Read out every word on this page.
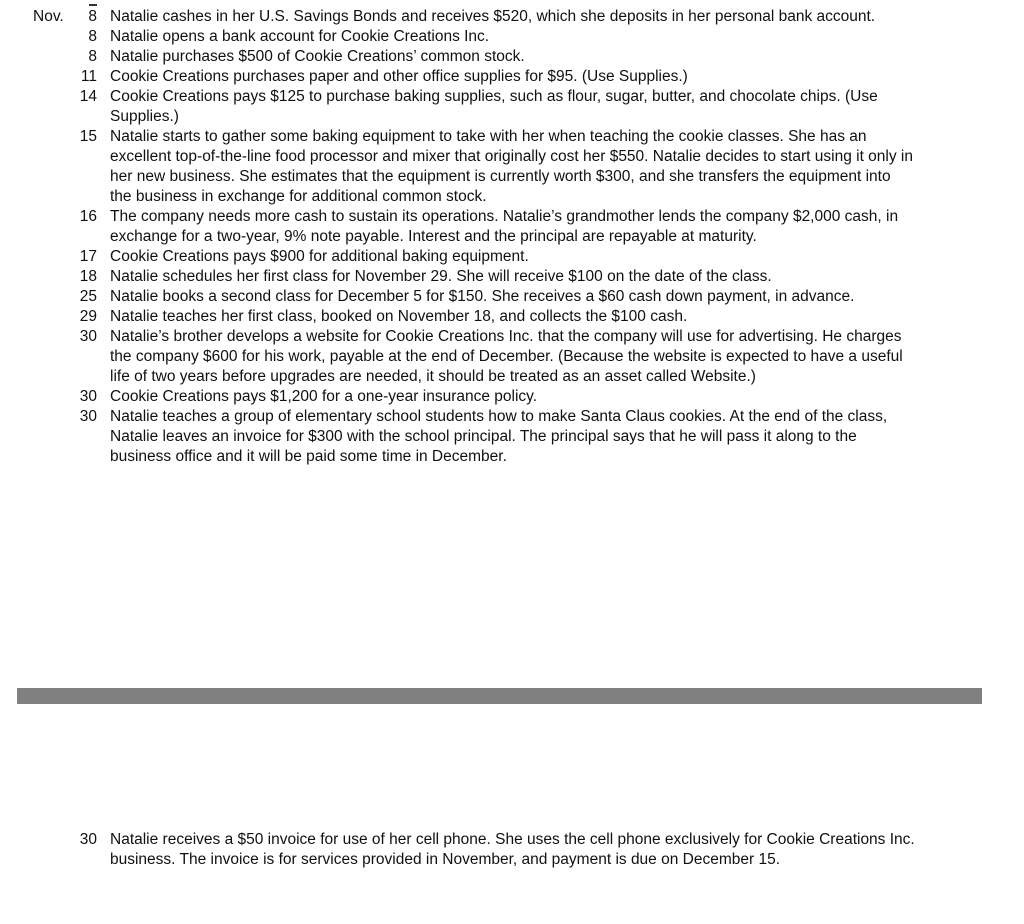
Nov.	8 Natalie cashes in her U.S. Savings Bonds and receives $520, which she deposits in her personal bank account.
8 Natalie opens a bank account for Cookie Creations Inc.
8 Natalie purchases $500 of Cookie Creations’ common stock.
11 Cookie Creations purchases paper and other office supplies for $95. (Use Supplies.)
14 Cookie Creations pays $125 to purchase baking supplies, such as flour, sugar, butter, and chocolate chips. (Use Supplies.)
15 Natalie starts to gather some baking equipment to take with her when teaching the cookie classes. She has an excellent top-of-the-line food processor and mixer that originally cost her $550. Natalie decides to start using it only in her new business. She estimates that the equipment is currently worth $300, and she transfers the equipment into the business in exchange for additional common stock.
16 The company needs more cash to sustain its operations. Natalie’s grandmother lends the company $2,000 cash, in exchange for a two-year, 9% note payable. Interest and the principal are repayable at maturity.
17 Cookie Creations pays $900 for additional baking equipment.
18 Natalie schedules her first class for November 29. She will receive $100 on the date of the class.
25 Natalie books a second class for December 5 for $150. She receives a $60 cash down payment, in advance.
29 Natalie teaches her first class, booked on November 18, and collects the $100 cash.
30 Natalie’s brother develops a website for Cookie Creations Inc. that the company will use for advertising. He charges the company $600 for his work, payable at the end of December. (Because the website is expected to have a useful life of two years before upgrades are needed, it should be treated as an asset called Website.)
30 Cookie Creations pays $1,200 for a one-year insurance policy.
30 Natalie teaches a group of elementary school students how to make Santa Claus cookies. At the end of the class, Natalie leaves an invoice for $300 with the school principal. The principal says that he will pass it along to the business office and it will be paid some time in December.
30 Natalie receives a $50 invoice for use of her cell phone. She uses the cell phone exclusively for Cookie Creations Inc. business. The invoice is for services provided in November, and payment is due on December 15.
